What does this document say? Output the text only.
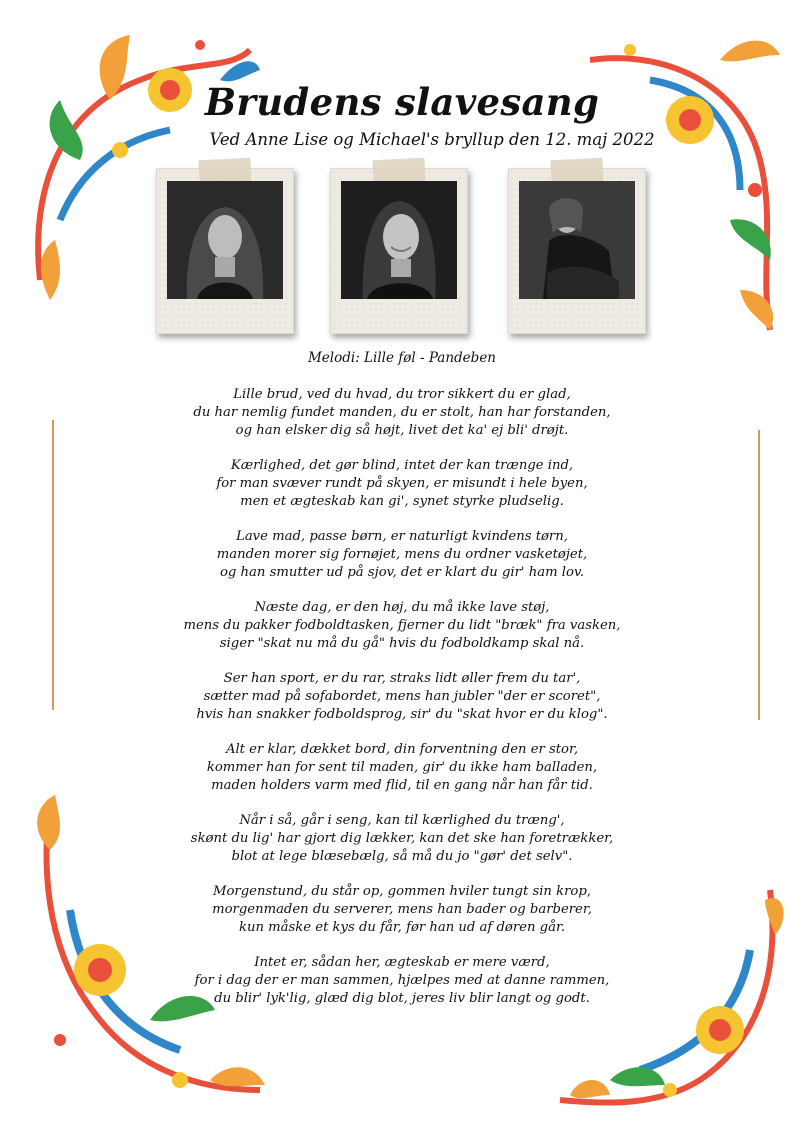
Brudens slavesang
Ved Anne Lise og Michael's bryllup den 12. maj 2022
Melodi: Lille føl - Pandeben
Lille brud, ved du hvad, du tror sikkert du er glad,
du har nemlig fundet manden, du er stolt, han har forstanden,
og han elsker dig så højt, livet det ka' ej bli' drøjt.
Kærlighed, det gør blind, intet der kan trænge ind,
for man svæver rundt på skyen, er misundt i hele byen,
men et ægteskab kan gi', synet styrke pludselig.
Lave mad, passe børn, er naturligt kvindens tørn,
manden morer sig fornøjet, mens du ordner vasketøjet,
og han smutter ud på sjov, det er klart du gir' ham lov.
Næste dag, er den høj, du må ikke lave støj,
mens du pakker fodboldtasken, fjerner du lidt "bræk" fra vasken,
siger "skat nu må du gå" hvis du fodboldkamp skal nå.
Ser han sport, er du rar, straks lidt øller frem du tar',
sætter mad på sofabordet, mens han jubler "der er scoret",
hvis han snakker fodboldsprog, sir' du "skat hvor er du klog".
Alt er klar, dækket bord, din forventning den er stor,
kommer han for sent til maden, gir' du ikke ham balladen,
maden holders varm med flid, til en gang når han får tid.
Når i så, går i seng, kan til kærlighed du træng',
skønt du lig' har gjort dig lækker, kan det ske han foretrækker,
blot at lege blæsebælg, så må du jo "gør' det selv".
Morgenstund, du står op, gommen hviler tungt sin krop,
morgenmaden du serverer, mens han bader og barberer,
kun måske et kys du får, før han ud af døren går.
Intet er, sådan her, ægteskab er mere værd,
for i dag der er man sammen, hjælpes med at danne rammen,
du blir' lyk'lig, glæd dig blot, jeres liv blir langt og godt.
